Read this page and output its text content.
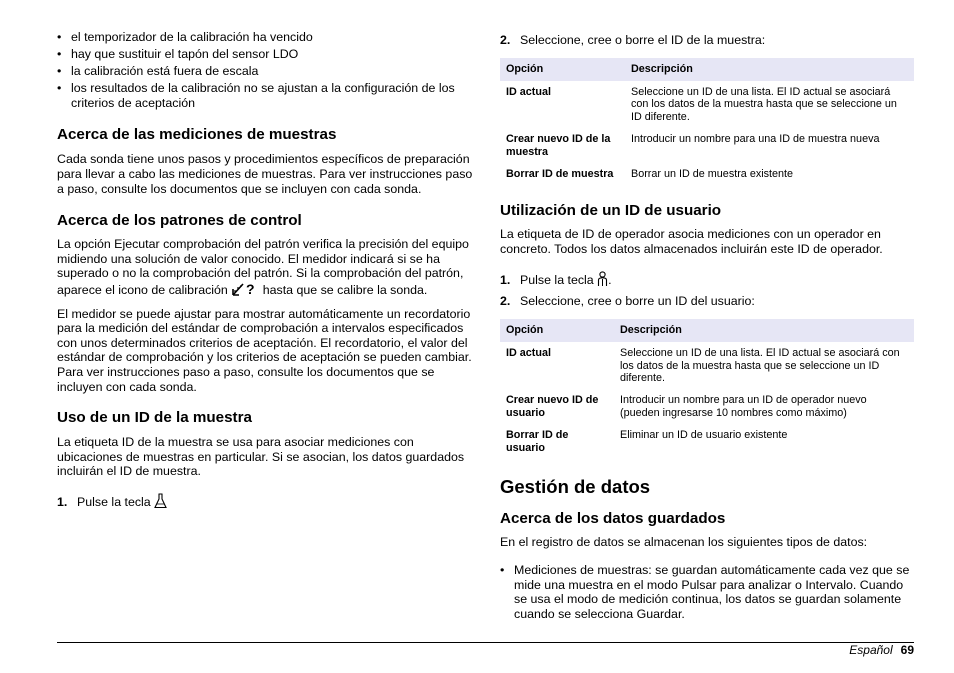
• el temporizador de la calibración ha vencido
• hay que sustituir el tapón del sensor LDO
• la calibración está fuera de escala
• los resultados de la calibración no se ajustan a la configuración de los criterios de aceptación
Acerca de las mediciones de muestras

Cada sonda tiene unos pasos y procedimientos específicos de preparación para llevar a cabo las mediciones de muestras. Para ver instrucciones paso a paso, consulte los documentos que se incluyen con cada sonda.

Acerca de los patrones de control

La opción Ejecutar comprobación del patrón verifica la precisión del equipo midiendo una solución de valor conocido. El medidor indicará si se ha superado o no la comprobación del patrón. Si la comprobación del patrón, aparece el icono de calibración ? hasta que se calibre la sonda.

El medidor se puede ajustar para mostrar automáticamente un recordatorio para la medición del estándar de comprobación a intervalos especificados con unos determinados criterios de aceptación. El recordatorio, el valor del estándar de comprobación y los criterios de aceptación se pueden cambiar. Para ver instrucciones paso a paso, consulte los documentos que se incluyen con cada sonda.

Uso de un ID de la muestra

La etiqueta ID de la muestra se usa para asociar mediciones con ubicaciones de muestras en particular. Si se asocian, los datos guardados incluirán el ID de muestra.

1. Pulse la tecla
2. Seleccione, cree o borre el ID de la muestra:
Opción	Descripción
ID actual	Seleccione un ID de una lista. El ID actual se asociará con los datos de la muestra hasta que se seleccione un ID diferente.
Crear nuevo ID de la muestra	Introducir un nombre para una ID de muestra nueva
Borrar ID de muestra	Borrar un ID de muestra existente
Utilización de un ID de usuario

La etiqueta de ID de operador asocia mediciones con un operador en concreto. Todos los datos almacenados incluirán este ID de operador.

1. Pulse la tecla .
2. Seleccione, cree o borre un ID del usuario:
Opción	Descripción
ID actual	Seleccione un ID de una lista. El ID actual se asociará con los datos de la muestra hasta que se seleccione un ID diferente.
Crear nuevo ID de usuario	Introducir un nombre para un ID de operador nuevo (pueden ingresarse 10 nombres como máximo)
Borrar ID de usuario	Eliminar un ID de usuario existente
Gestión de datos
Acerca de los datos guardados

En el registro de datos se almacenan los siguientes tipos de datos:

• Mediciones de muestras: se guardan automáticamente cada vez que se mide una muestra en el modo Pulsar para analizar o Intervalo. Cuando se usa el modo de medición continua, los datos se guardan solamente cuando se selecciona Guardar.
Español 69
